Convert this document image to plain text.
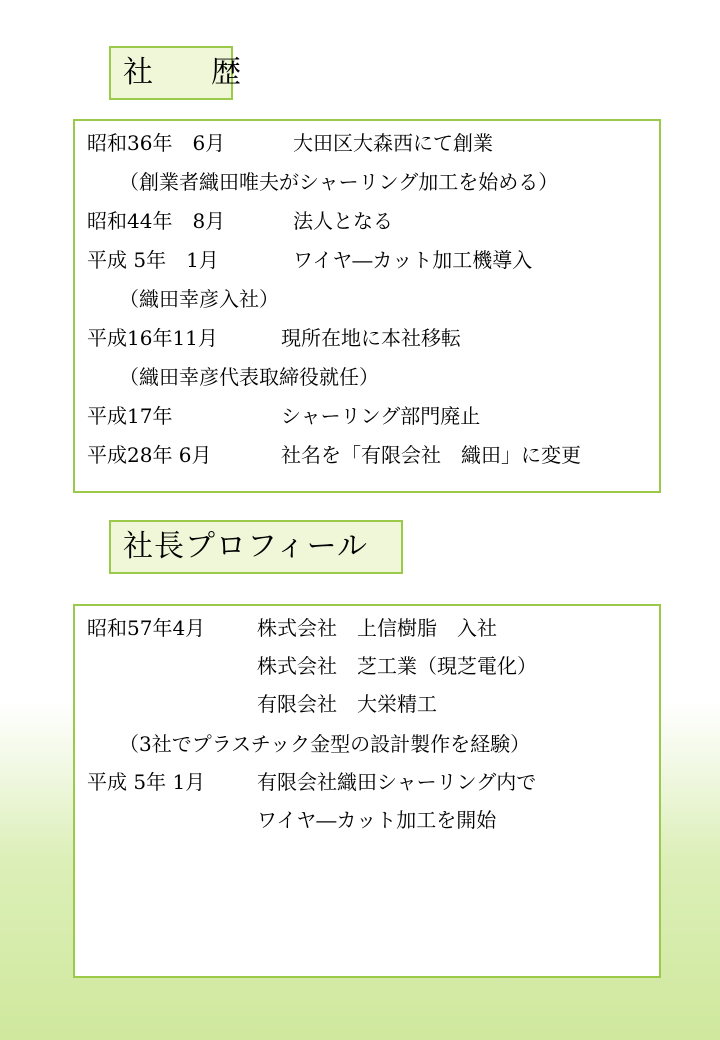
社　歴
昭和36年　6月	大田区大森西にて創業
（創業者織田唯夫がシャーリング加工を始める）
昭和44年　8月	法人となる
平成 5年　1月	ワイヤ―カット加工機導入
（織田幸彦入社）
平成16年11月	現所在地に本社移転
（織田幸彦代表取締役就任）
平成17年	シャーリング部門廃止
平成28年 6月	社名を「有限会社　織田」に変更
社長プロフィール
昭和57年4月	株式会社　上信樹脂　入社
株式会社　芝工業（現芝電化）
有限会社　大栄精工
（3社でプラスチック金型の設計製作を経験）
平成 5年 1月	有限会社織田シャーリング内で
ワイヤ―カット加工を開始
